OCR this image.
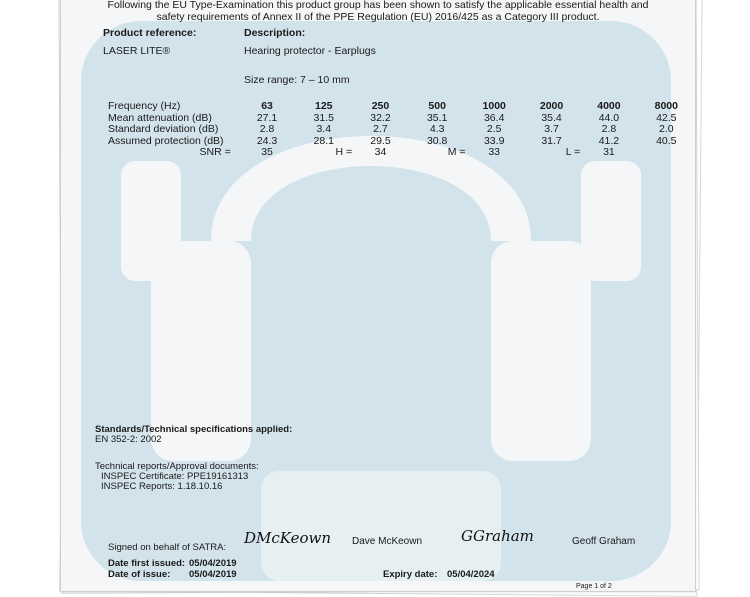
Following the EU Type-Examination this product group has been shown to satisfy the applicable essential health and
safety requirements of Annex II of the PPE Regulation (EU) 2016/425 as a Category III product.
Product reference:	Description:
LASER LITE®	Hearing protector - Earplugs
Size range: 7 – 10 mm
Frequency (Hz)	63	125	250	500	1000	2000	4000	8000
Mean attenuation (dB)	27.1	31.5	32.2	35.1	36.4	35.4	44.0	42.5
Standard deviation (dB)	2.8	3.4	2.7	4.3	2.5	3.7	2.8	2.0
Assumed protection (dB)	24.3	28.1	29.5	30.8	33.9	31.7	41.2	40.5
SNR =	35	H =	34	M =	33	L =	31	
Standards/Technical specifications applied:
EN 352-2: 2002
Technical reports/Approval documents:
INSPEC Certificate: PPE19161313
INSPEC Reports: 1.18.10.16
Signed on behalf of SATRA:
DMcKeown Dave McKeown	GGraham	Geoff Graham
Date first issued: 05/04/2019
Date of issue: 05/04/2019	Expiry date: 05/04/2024
Page 1 of 2
